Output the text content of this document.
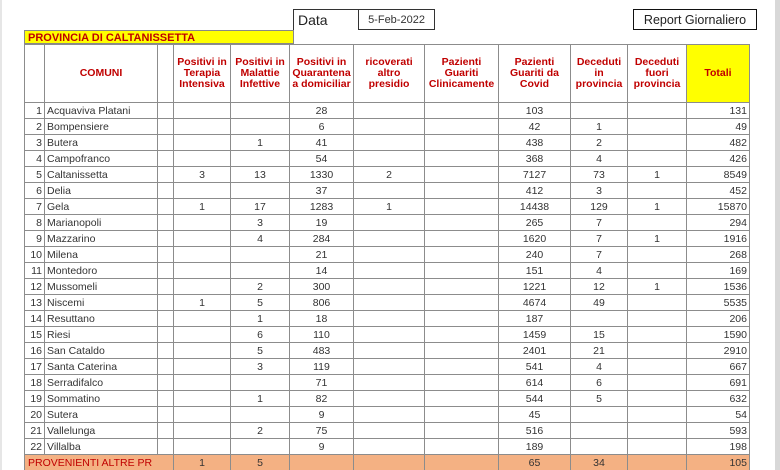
Data	5-Feb-2022	Report Giornaliero
PROVINCIA DI CALTANISSETTA
	COMUNI		Positivi in Terapia Intensiva	Positivi in Malattie Infettive	Positivi in Quarantena a domiciliar	ricoverati altro presidio	Pazienti Guariti Clinicamente	Pazienti Guariti da Covid	Deceduti in provincia	Deceduti fuori provincia	Totali
1	Acquaviva Platani				28			103			131
2	Bompensiere				6			42	1		49
3	Butera			1	41			438	2		482
4	Campofranco				54			368	4		426
5	Caltanissetta		3	13	1330	2		7127	73	1	8549
6	Delia				37			412	3		452
7	Gela		1	17	1283	1		14438	129	1	15870
8	Marianopoli			3	19			265	7		294
9	Mazzarino			4	284			1620	7	1	1916
10	Milena				21			240	7		268
11	Montedoro				14			151	4		169
12	Mussomeli			2	300			1221	12	1	1536
13	Niscemi		1	5	806			4674	49		5535
14	Resuttano			1	18			187			206
15	Riesi			6	110			1459	15		1590
16	San Cataldo			5	483			2401	21		2910
17	Santa Caterina			3	119			541	4		667
18	Serradifalco				71			614	6		691
19	Sommatino			1	82			544	5		632
20	Sutera				9			45			54
21	Vallelunga			2	75			516			593
22	Villalba				9			189			198
PROVENIENTI ALTRE PR			1	5				65	34		105
